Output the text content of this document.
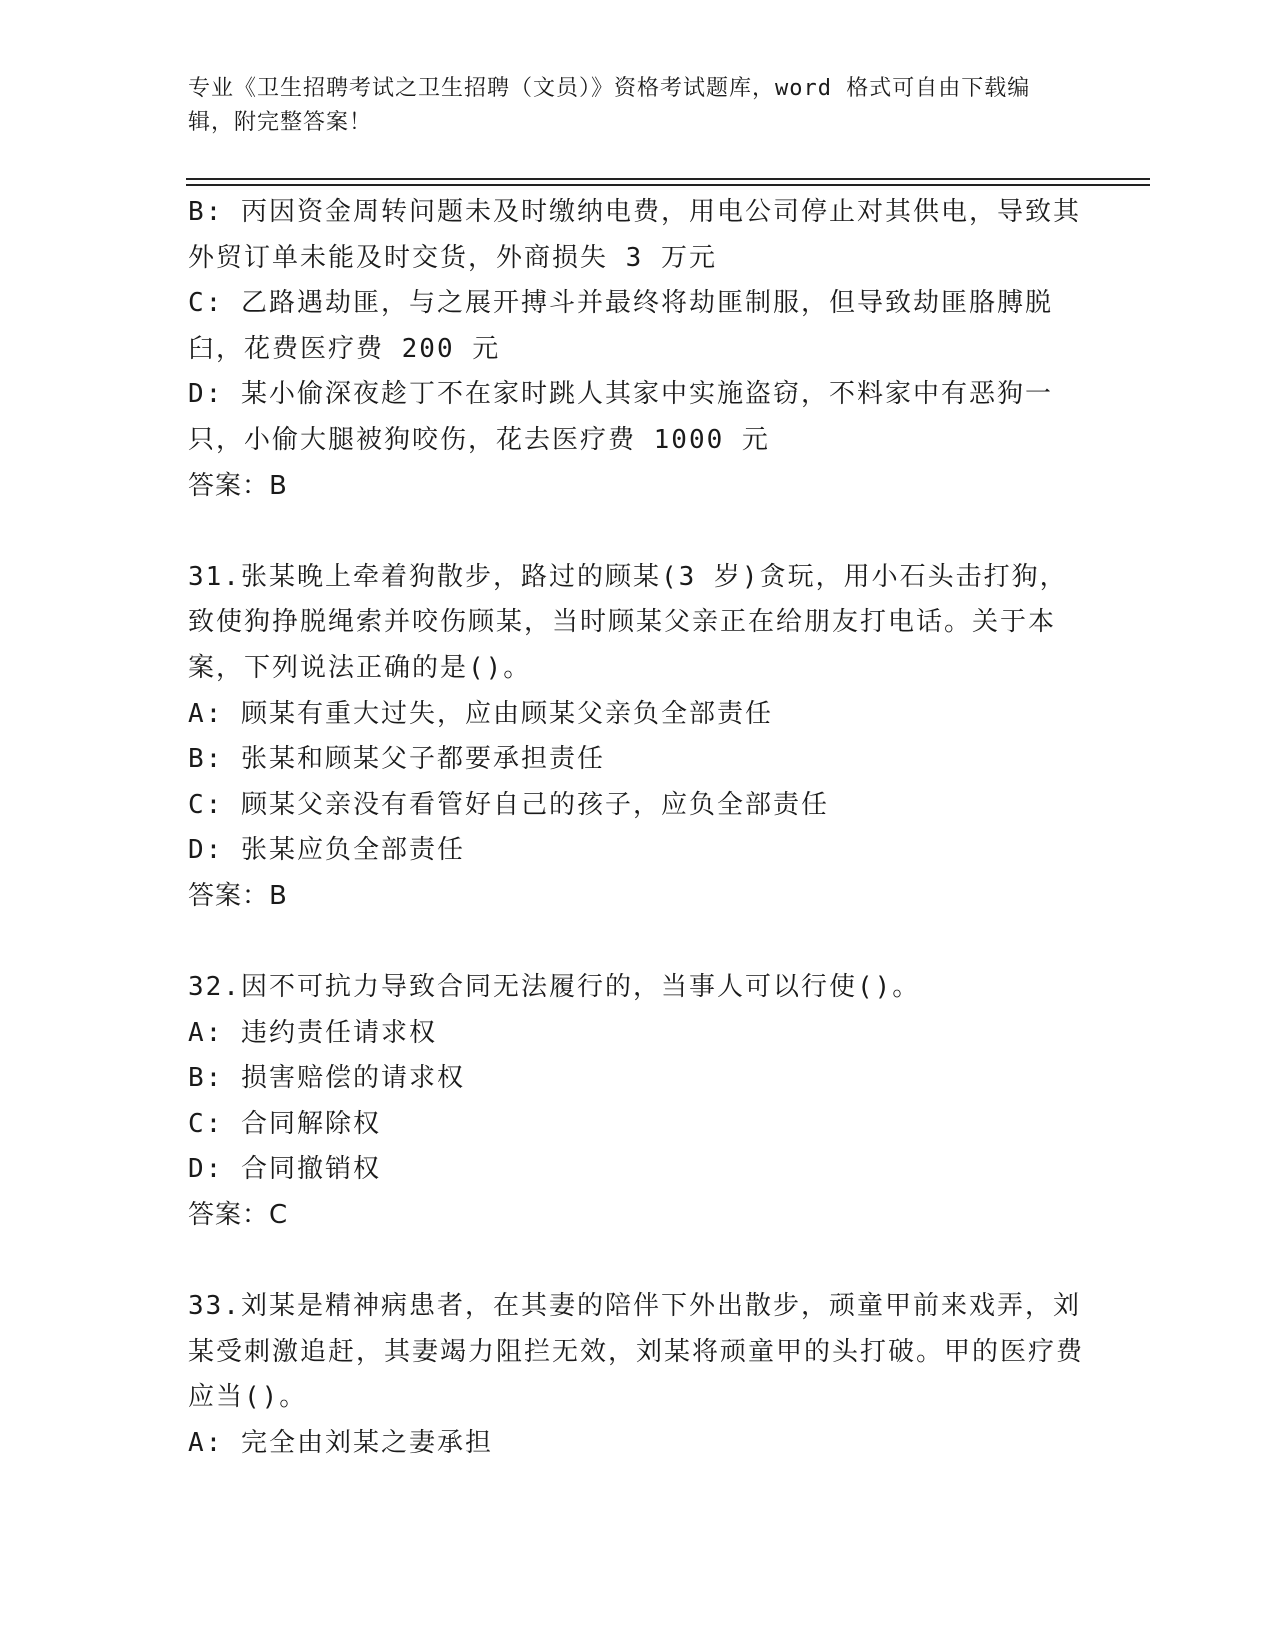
专业《卫生招聘考试之卫生招聘（文员）》资格考试题库，word 格式可自由下载编辑，附完整答案！

B: 丙因资金周转问题未及时缴纳电费，用电公司停止对其供电，导致其外贸订单未能及时交货，外商损失 3 万元

C: 乙路遇劫匪，与之展开搏斗并最终将劫匪制服，但导致劫匪胳膊脱臼，花费医疗费 200 元

D: 某小偷深夜趁丁不在家时跳人其家中实施盗窃，不料家中有恶狗一只，小偷大腿被狗咬伤，花去医疗费 1000 元

答案：B

31.张某晚上牵着狗散步，路过的顾某(3 岁)贪玩，用小石头击打狗，致使狗挣脱绳索并咬伤顾某，当时顾某父亲正在给朋友打电话。关于本案，下列说法正确的是()。

A: 顾某有重大过失，应由顾某父亲负全部责任

B: 张某和顾某父子都要承担责任

C: 顾某父亲没有看管好自己的孩子，应负全部责任

D: 张某应负全部责任

答案：B

32.因不可抗力导致合同无法履行的，当事人可以行使()。

A: 违约责任请求权

B: 损害赔偿的请求权

C: 合同解除权

D: 合同撤销权

答案：C

33.刘某是精神病患者，在其妻的陪伴下外出散步，顽童甲前来戏弄，刘某受刺激追赶，其妻竭力阻拦无效，刘某将顽童甲的头打破。甲的医疗费应当()。

A: 完全由刘某之妻承担
